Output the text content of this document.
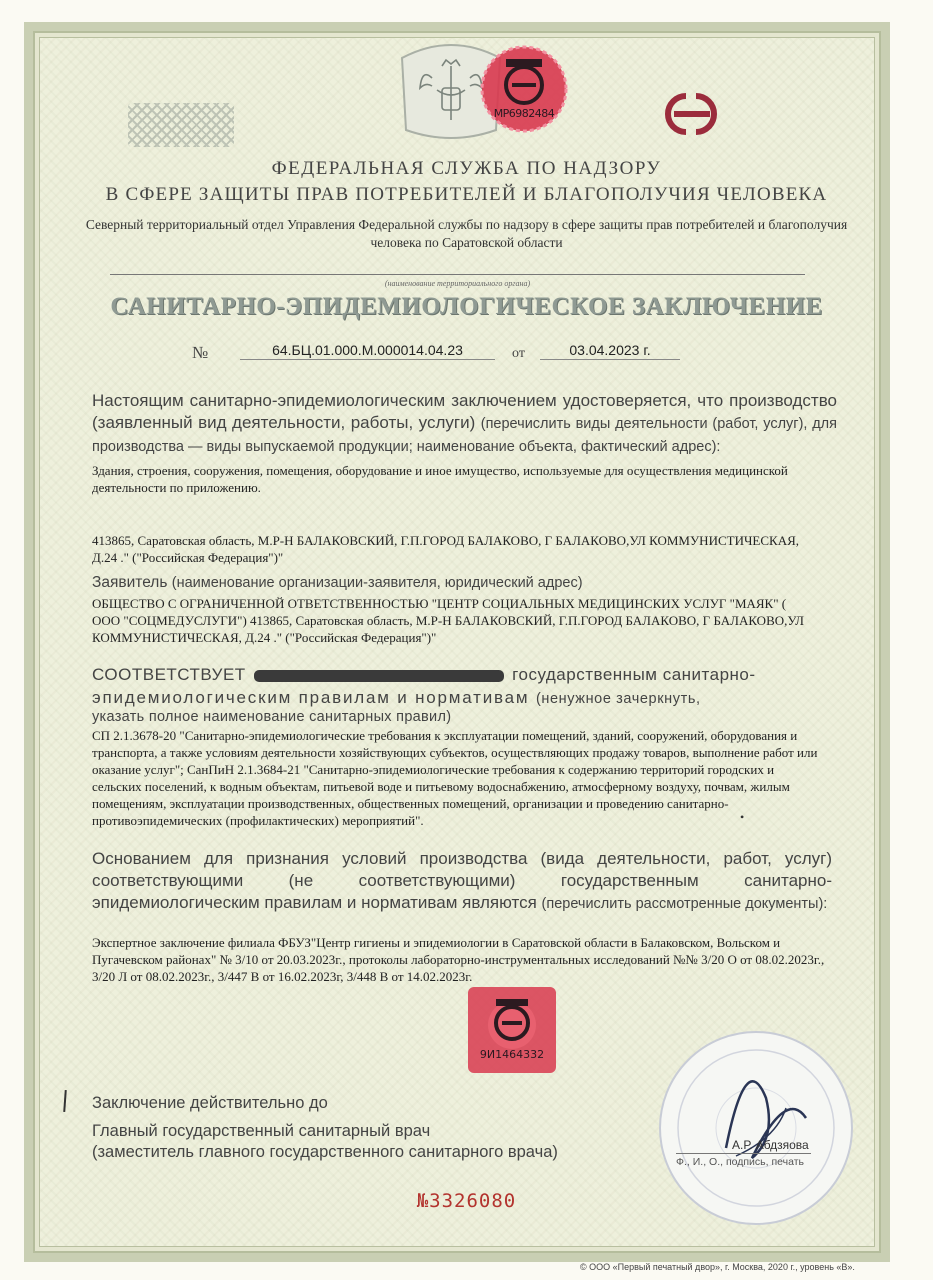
MP6982484
ФЕДЕРАЛЬНАЯ СЛУЖБА ПО НАДЗОРУ
В СФЕРЕ ЗАЩИТЫ ПРАВ ПОТРЕБИТЕЛЕЙ И БЛАГОПОЛУЧИЯ ЧЕЛОВЕКА
Северный территориальный отдел Управления Федеральной службы по надзору в сфере защиты прав потребителей и благополучия человека по Саратовской области
(наименование территориального органа)
САНИТАРНО-ЭПИДЕМИОЛОГИЧЕСКОЕ ЗАКЛЮЧЕНИЕ
№	64.БЦ.01.000.М.000014.04.23	от	03.04.2023 г.
Настоящим санитарно-эпидемиологическим заключением удостоверяется, что производство (заявленный вид деятельности, работы, услуги) (перечислить виды деятельности (работ, услуг), для производства — виды выпускаемой продукции; наименование объекта, фактический адрес):
Здания, строения, сооружения, помещения, оборудование и иное имущество, используемые для осуществления медицинской деятельности по приложению.
413865, Саратовская область, М.Р-Н БАЛАКОВСКИЙ, Г.П.ГОРОД БАЛАКОВО, Г БАЛАКОВО,УЛ КОММУНИСТИЧЕСКАЯ, Д.24 ." ("Российская Федерация")"
Заявитель (наименование организации-заявителя, юридический адрес)
ОБЩЕСТВО С ОГРАНИЧЕННОЙ ОТВЕТСТВЕННОСТЬЮ "ЦЕНТР СОЦИАЛЬНЫХ МЕДИЦИНСКИХ УСЛУГ "МАЯК" ( ООО "СОЦМЕДУСЛУГИ") 413865, Саратовская область, М.Р-Н БАЛАКОВСКИЙ, Г.П.ГОРОД БАЛАКОВО, Г БАЛАКОВО,УЛ КОММУНИСТИЧЕСКАЯ, Д.24 ." ("Российская Федерация")"
СООТВЕТСТВУЕТ	государственным санитарно-
эпидемиологическим правилам и нормативам (ненужное зачеркнуть,
указать полное наименование санитарных правил)
СП 2.1.3678-20 "Санитарно-эпидемиологические требования к эксплуатации помещений, зданий, сооружений, оборудования и транспорта, а также условиям деятельности хозяйствующих субъектов, осуществляющих продажу товаров, выполнение работ или оказание услуг"; СанПиН 2.1.3684-21 "Санитарно-эпидемиологические требования к содержанию территорий городских и сельских поселений, к водным объектам, питьевой воде и питьевому водоснабжению, атмосферному воздуху, почвам, жилым помещениям, эксплуатации производственных, общественных помещений, организации и проведению санитарно-противоэпидемических (профилактических) мероприятий".	•
Основанием для признания условий производства (вида деятельности, работ, услуг) соответствующими (не соответствующими) государственным санитарно-эпидемиологическим правилам и нормативам являются (перечислить рассмотренные документы):
Экспертное заключение филиала ФБУЗ"Центр гигиены и эпидемиологии в Саратовской области в Балаковском, Вольском и Пугачевском районах" № 3/10 от 20.03.2023г., протоколы лабораторно-инструментальных исследований №№ 3/20 О от 08.02.2023г., 3/20 Л от 08.02.2023г., 3/447 В от 16.02.2023г, 3/448 В от 14.02.2023г.
9И1464332
Заключение действительно до
Главный государственный санитарный врач
(заместитель главного государственного санитарного врача)	А.Р. Абдзяова
Ф., И., О., подпись, печать
№3326080
© ООО «Первый печатный двор», г. Москва, 2020 г., уровень «В».
